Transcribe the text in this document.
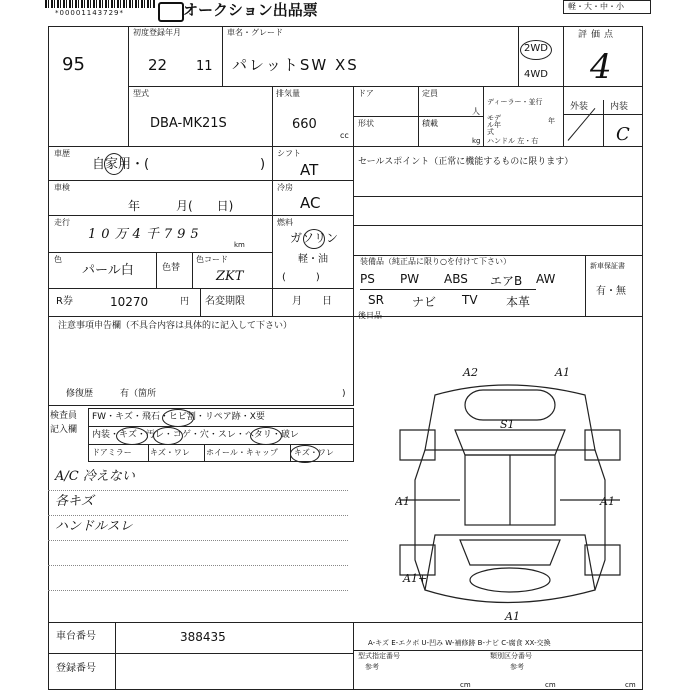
*00001143729*	オークション出品票	軽・大・中・小
95
初度登録年月
22 11
車名・グレード
パレットSW XS
2WD
4WD
評価点
4
型式
DBA-MK21S
排気量
660
cc
ドア	定員
人
形状	積載
kg
ディーラー・並行
モデル年式
年
ハンドル 左・右
外装 内装
C
車歴
自家用・(	)
車検
年　　　月(　　日)
走行
10万4千795
km
色
パール白	色替
色コード
ZKT
R券	10270	円 名変期限	月　　日
シフト
AT
冷房
AC
燃料
ガソリン
軽・油
(　　　)
セールスポイント（正常に機能するものに限ります）
装備品（純正品に限り○を付けて下さい）
PS	PW	ABS	エアB	AW
SR	ナビ	TV	本革
新車保証書
有・無
後日品
注意事項申告欄（不具合内容は具体的に記入して下さい）
修復歴	有（箇所	)
検査員
記入欄
FW・キズ・飛石・ヒビ割・リペア跡・X要
内装・キズ・汚レ・コゲ・穴・スレ・ヘタリ・破レ
ドアミラー キズ・ワレ ホイール・キャップ キズ・ワレ
A/C 冷えない
各キズ
ハンドルスレ
A2	A1
S1
A1	A1
A1+
A1
A-キズ E-エクボ U-凹み W-補修跡 B-ナビ C-腐食 XX-交換
車台番号	388435
登録番号
型式指定番号	類別区分番号
参考	参考
cm	cm	cm
